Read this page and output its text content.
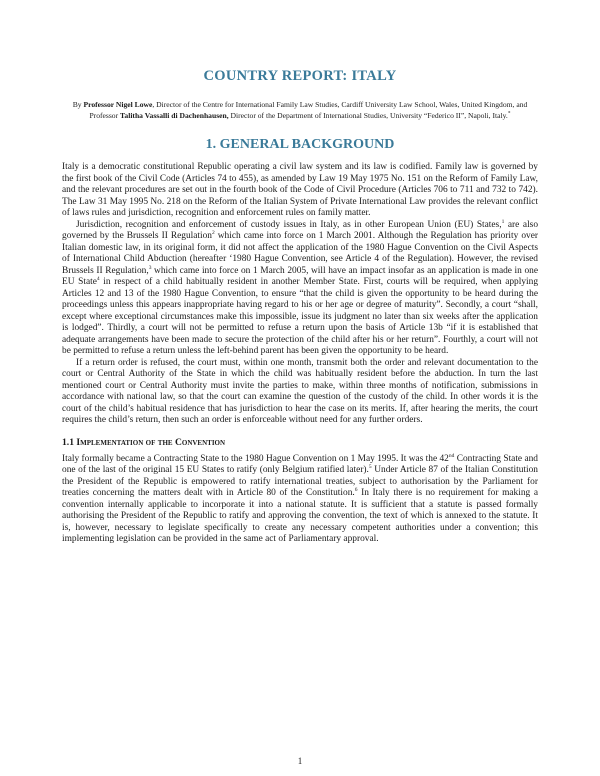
COUNTRY REPORT: ITALY

By Professor Nigel Lowe, Director of the Centre for International Family Law Studies, Cardiff University Law School, Wales, United Kingdom, and Professor Talitha Vassalli di Dachenhausen, Director of the Department of International Studies, University “Federico II”, Napoli, Italy.*

1. GENERAL BACKGROUND

Italy is a democratic constitutional Republic operating a civil law system and its law is codified. Family law is governed by the first book of the Civil Code (Articles 74 to 455), as amended by Law 19 May 1975 No. 151 on the Reform of Family Law, and the relevant procedures are set out in the fourth book of the Code of Civil Procedure (Articles 706 to 711 and 732 to 742). The Law 31 May 1995 No. 218 on the Reform of the Italian System of Private International Law provides the relevant conflict of laws rules and jurisdiction, recognition and enforcement rules on family matter.

Jurisdiction, recognition and enforcement of custody issues in Italy, as in other European Union (EU) States,$^1$ are also governed by the Brussels II Regulation$^2$ which came into force on 1 March 2001. Although the Regulation has priority over Italian domestic law, in its original form, it did not affect the application of the 1980 Hague Convention on the Civil Aspects of International Child Abduction (hereafter ‘1980 Hague Convention, see Article 4 of the Regulation). However, the revised Brussels II Regulation,$^3$ which came into force on 1 March 2005, will have an impact insofar as an application is made in one EU State$^4$ in respect of a child habitually resident in another Member State. First, courts will be required, when applying Articles 12 and 13 of the 1980 Hague Convention, to ensure “that the child is given the opportunity to be heard during the proceedings unless this appears inappropriate having regard to his or her age or degree of maturity”. Secondly, a court “shall, except where exceptional circumstances make this impossible, issue its judgment no later than six weeks after the application is lodged”. Thirdly, a court will not be permitted to refuse a return upon the basis of Article 13b “if it is established that adequate arrangements have been made to secure the protection of the child after his or her return”. Fourthly, a court will not be permitted to refuse a return unless the left-behind parent has been given the opportunity to be heard.

If a return order is refused, the court must, within one month, transmit both the order and relevant documentation to the court or Central Authority of the State in which the child was habitually resident before the abduction. In turn the last mentioned court or Central Authority must invite the parties to make, within three months of notification, submissions in accordance with national law, so that the court can examine the question of the custody of the child. In other words it is the court of the child’s habitual residence that has jurisdiction to hear the case on its merits. If, after hearing the merits, the court requires the child’s return, then such an order is enforceable without need for any further orders.

1.1 Implementation of the Convention

Italy formally became a Contracting State to the 1980 Hague Convention on 1 May 1995. It was the 42nd Contracting State and one of the last of the original 15 EU States to ratify (only Belgium ratified later).$^5$ Under Article 87 of the Italian Constitution the President of the Republic is empowered to ratify international treaties, subject to authorisation by the Parliament for treaties concerning the matters dealt with in Article 80 of the Constitution.$^6$ In Italy there is no requirement for making a convention internally applicable to incorporate it into a national statute. It is sufficient that a statute is passed formally authorising the President of the Republic to ratify and approving the convention, the text of which is annexed to the statute. It is, however, necessary to legislate specifically to create any necessary competent authorities under a convention; this implementing legislation can be provided in the same act of Parliamentary approval.

1
